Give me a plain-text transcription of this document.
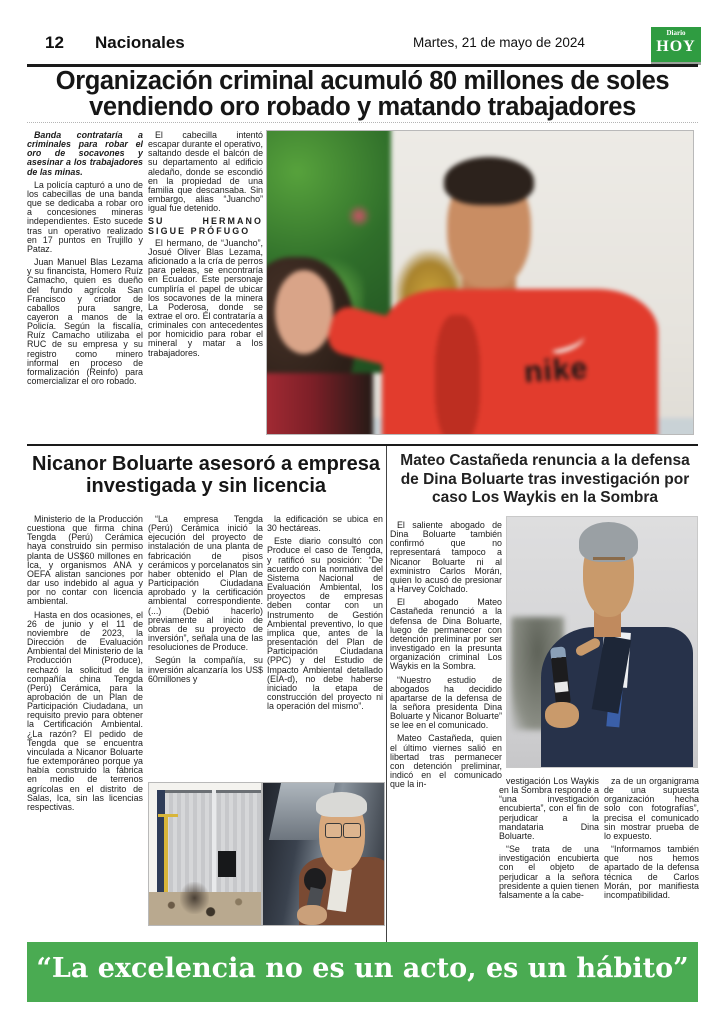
12 Nacionales	Martes, 21 de mayo de 2024
Diario
HOY
Organización criminal acumuló 80 millones de soles
vendiendo oro robado y matando trabajadores

Banda contrataría a criminales para robar el oro de socavones y asesinar a los trabajadores de las minas.

La policía capturó a uno de los cabecillas de una banda que se dedicaba a robar oro a concesiones mineras independientes. Esto sucede tras un operativo realizado en 17 puntos en Trujillo y Pataz.

Juan Manuel Blas Lezama y su financista, Homero Ruíz Camacho, quien es dueño del fundo agrícola San Francisco y criador de caballos pura sangre, cayeron a manos de la Policía. Según la fiscalía, Ruíz Camacho utilizaba el RUC de su empresa y su registro como minero informal en proceso de formalización (Reinfo) para comercializar el oro robado.

El cabecilla intentó escapar durante el operativo, saltando desde el balcón de su departamento al edificio aledaño, donde se escondió en la propiedad de una familia que descansaba. Sin embargo, alias “Juancho” igual fue detenido.

SU HERMANO SIGUE PRÓFUGO

El hermano, de “Juancho”, Josué Oliver Blas Lezama, aficionado a la cría de perros para peleas, se encontraría en Ecuador. Este personaje cumpliría el papel de ubicar los socavones de la minera La Poderosa, donde se extrae el oro. Él contrataría a criminales con antecedentes por homicidio para robar el mineral y matar a los trabajadores.	nike
Nicanor Boluarte asesoró a empresa investigada y sin licencia

Ministerio de la Producción cuestiona que firma china Tengda (Perú) Cerámica haya construido sin permiso planta de US$60 millones en Ica, y organismos ANA y OEFA alistan sanciones por dar uso indebido al agua y por no contar con licencia ambiental.

Hasta en dos ocasiones, el 26 de junio y el 11 de noviembre de 2023, la Dirección de Evaluación Ambiental del Ministerio de la Producción (Produce), rechazó la solicitud de la compañía china Tengda (Perú) Cerámica, para la aprobación de un Plan de Participación Ciudadana, un requisito previo para obtener la Certificación Ambiental. ¿La razón? El pedido de Tengda que se encuentra vinculada a Nicanor Boluarte fue extemporáneo porque ya había construido la fábrica en medio de terrenos agrícolas en el distrito de Salas, Ica, sin las licencias respectivas.

“La empresa Tengda (Perú) Cerámica inició la ejecución del proyecto de instalación de una planta de fabricación de pisos cerámicos y porcelanatos sin haber obtenido el Plan de Participación Ciudadana aprobado y la certificación ambiental correspondiente. (...) (Debió hacerlo) previamente al inicio de obras de su proyecto de inversión”, señala una de las resoluciones de Produce.

Según la compañía, su inversión alcanzaría los US$ 60millones y

la edificación se ubica en 30 hectáreas.

Este diario consultó con Produce el caso de Tengda, y ratificó su posición: “De acuerdo con la normativa del Sistema Nacional de Evaluación Ambiental, los proyectos de empresas deben contar con un Instrumento de Gestión Ambiental preventivo, lo que implica que, antes de la presentación del Plan de Participación Ciudadana (PPC) y del Estudio de Impacto Ambiental detallado (EIA-d), no debe haberse iniciado la etapa de construcción del proyecto ni la operación del mismo”.

Mateo Castañeda renuncia a la defensa de Dina Boluarte tras investigación por caso Los Waykis en la Sombra

El saliente abogado de Dina Boluarte también confirmó que no representará tampoco a Nicanor Boluarte ni al exministro Carlos Morán, quien lo acusó de presionar a Harvey Colchado.

El abogado Mateo Castañeda renunció a la defensa de Dina Boluarte, luego de permanecer con detención preliminar por ser investigado en la presunta organización criminal Los Waykis en la Sombra.

“Nuestro estudio de abogados ha decidido apartarse de la defensa de la señora presidenta Dina Boluarte y Nicanor Boluarte” se lee en el comunicado.

Mateo Castañeda, quien el último viernes salió en libertad tras permanecer con detención preliminar, indicó en el comunicado que la in-	vestigación Los Waykis en la Sombra responde a “una investigación encubierta”, con el fin de perjudicar a la mandataria Dina Boluarte.

“Se trata de una investigación encubierta con el objeto de perjudicar a la señora presidente a quien tienen falsamente a la cabe-

za de un organigrama de una supuesta organización hecha solo con fotografías”, precisa el comunicado sin mostrar prueba de lo expuesto.

“Informamos también que nos hemos apartado de la defensa técnica de Carlos Morán, por manifiesta incompatibilidad.

“La excelencia no es un acto, es un hábito”
